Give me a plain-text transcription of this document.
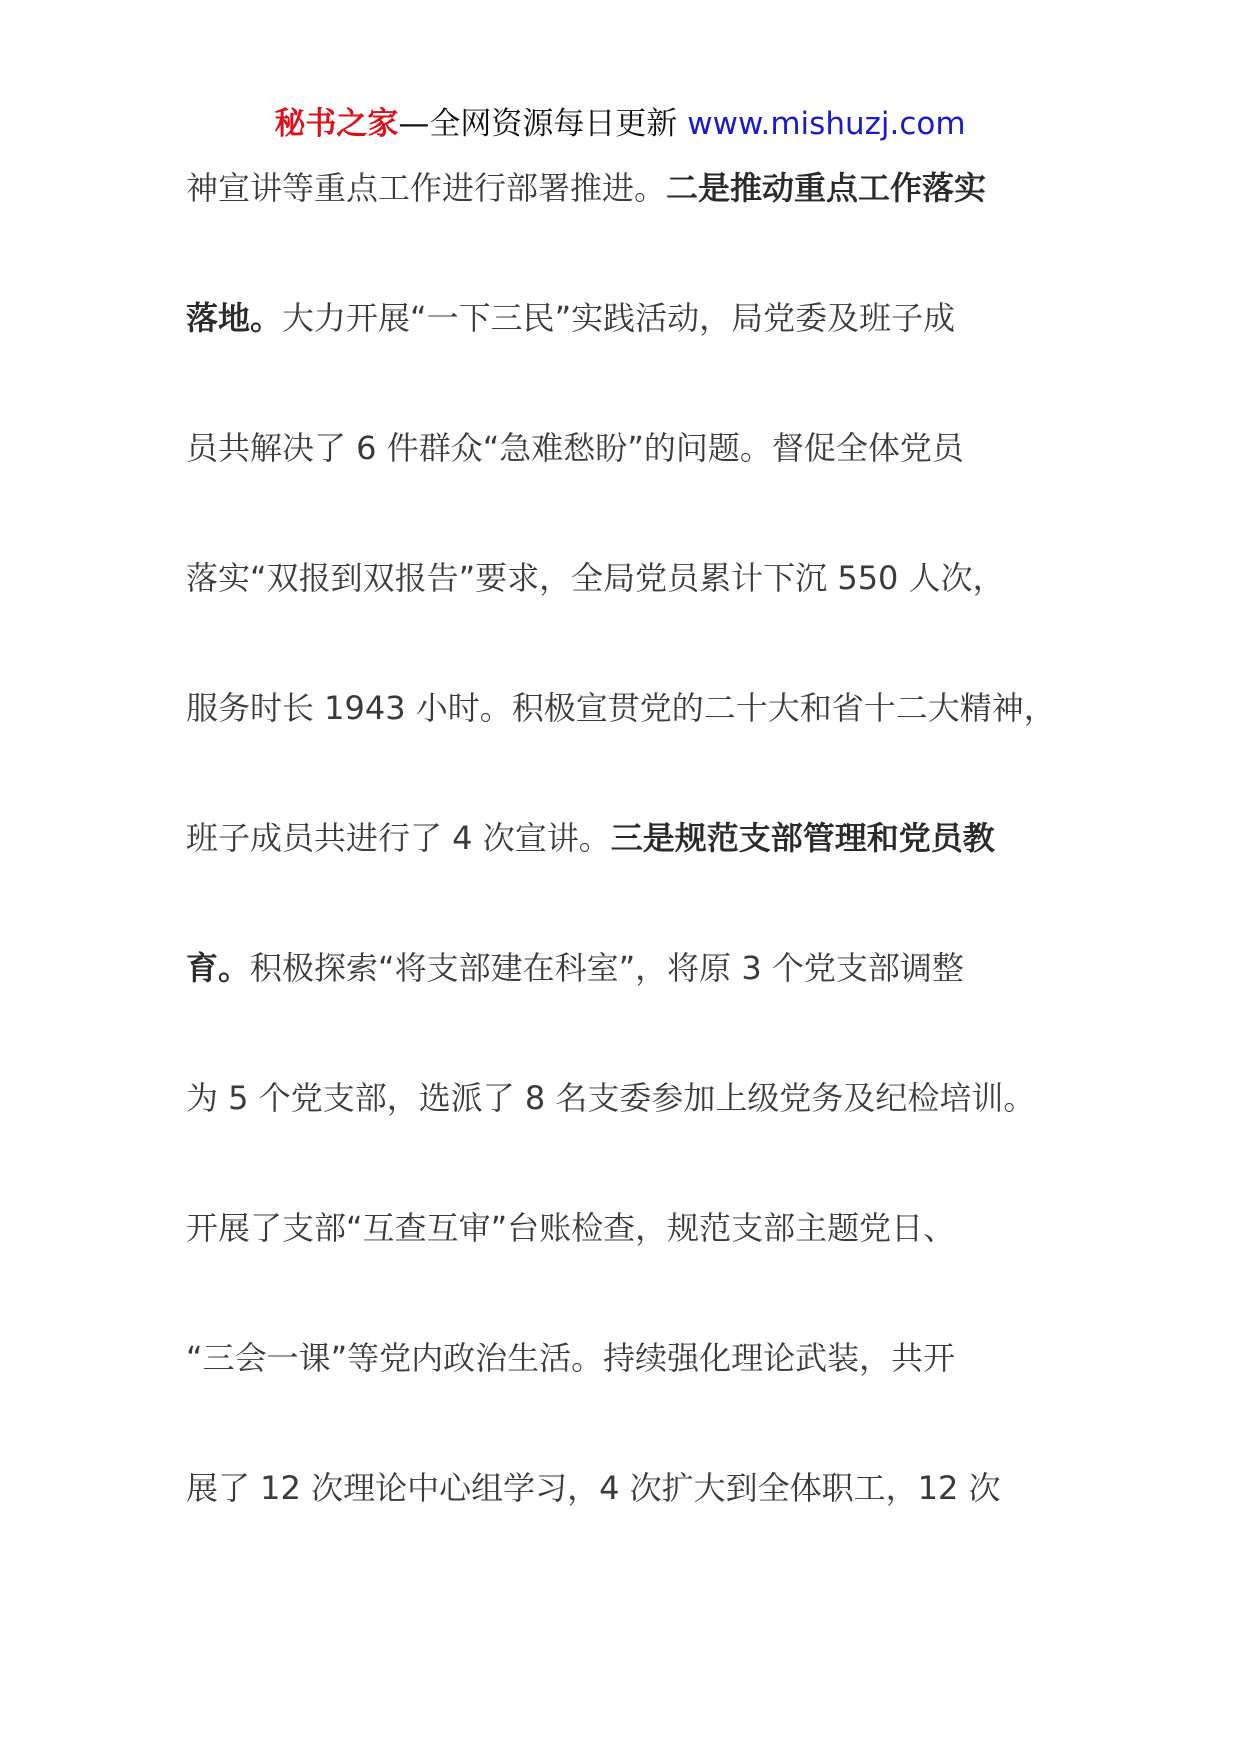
秘书之家—全网资源每日更新 www.mishuzj.com
神宣讲等重点工作进行部署推进。二是推动重点工作落实
落地。大力开展“一下三民”实践活动，局党委及班子成
员共解决了 6 件群众“急难愁盼”的问题。督促全体党员
落实“双报到双报告”要求，全局党员累计下沉 550 人次，
服务时长 1943 小时。积极宣贯党的二十大和省十二大精神，
班子成员共进行了 4 次宣讲。三是规范支部管理和党员教
育。积极探索“将支部建在科室”，将原 3 个党支部调整
为 5 个党支部，选派了 8 名支委参加上级党务及纪检培训。
开展了支部“互查互审”台账检查，规范支部主题党日、
“三会一课”等党内政治生活。持续强化理论武装，共开
展了 12 次理论中心组学习，4 次扩大到全体职工，12 次
